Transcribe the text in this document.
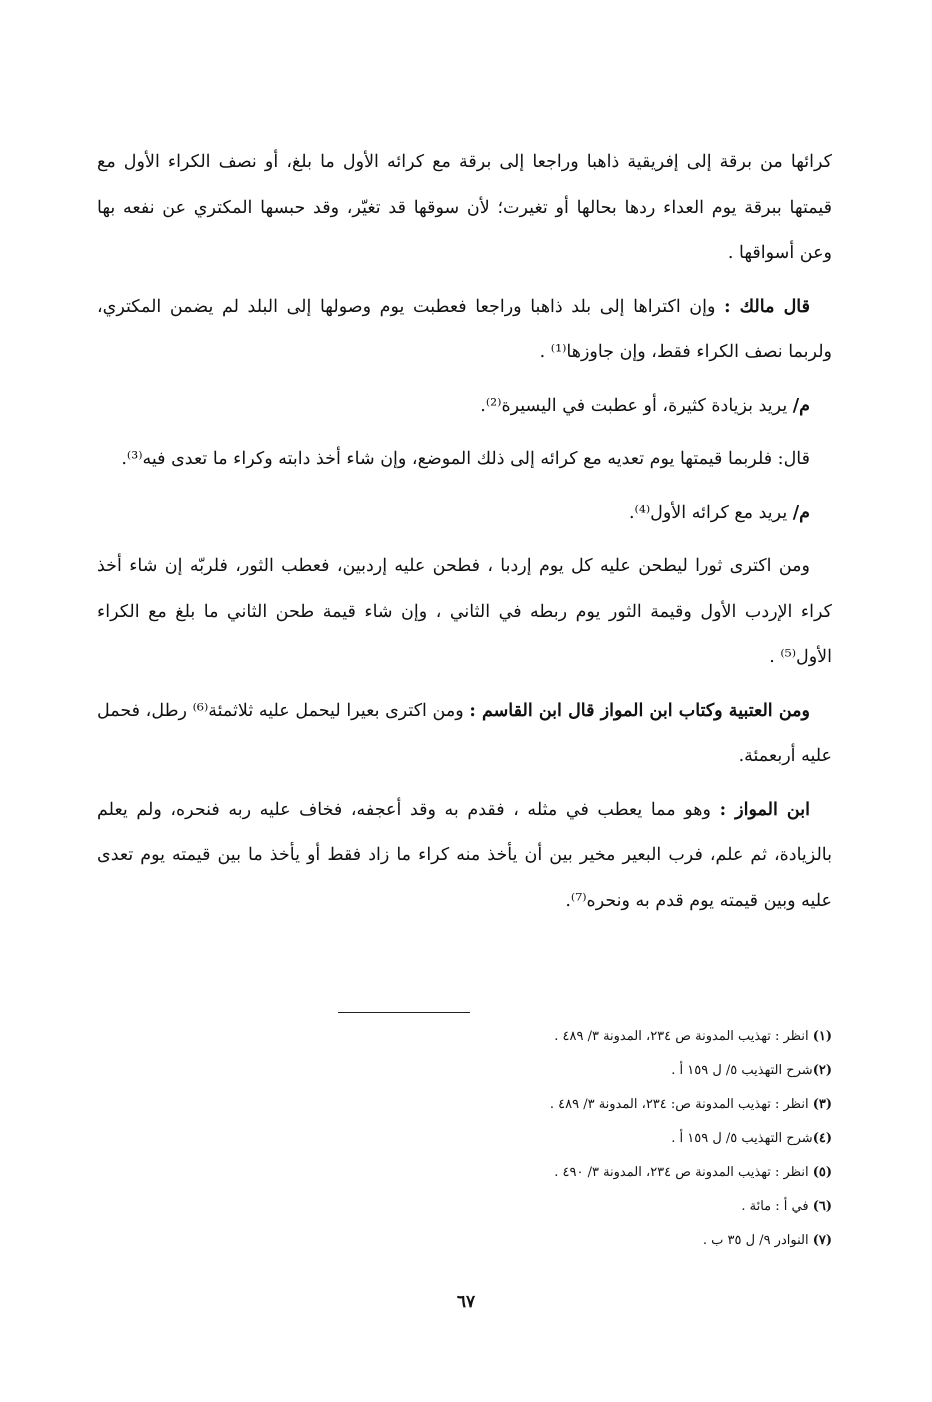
كرائها من برقة إلى إفريقية ذاهبا وراجعا إلى برقة مع كرائه الأول ما بلغ، أو نصف الكراء الأول مع قيمتها ببرقة يوم العداء ردها بحالها أو تغيرت؛ لأن سوقها قد تغيّر، وقد حبسها المكتري عن نفعه بها وعن أسواقها .

قال مالك : وإن اكتراها إلى بلد ذاهبا وراجعا فعطبت يوم وصولها إلى البلد لم يضمن المكتري، ولربما نصف الكراء فقط، وإن جاوزها⁽¹⁾ .

م/ يريد بزيادة كثيرة، أو عطبت في اليسيرة⁽²⁾.

قال: فلربما قيمتها يوم تعديه مع كرائه إلى ذلك الموضع، وإن شاء أخذ دابته وكراء ما تعدى فيه⁽³⁾.

م/ يريد مع كرائه الأول⁽⁴⁾.

ومن اكترى ثورا ليطحن عليه كل يوم إردبا ، فطحن عليه إردبين، فعطب الثور، فلربّه إن شاء أخذ كراء الإردب الأول وقيمة الثور يوم ربطه في الثاني ، وإن شاء قيمة طحن الثاني ما بلغ مع الكراء الأول⁽⁵⁾ .

ومن العتبية وكتاب ابن المواز قال ابن القاسم : ومن اكترى بعيرا ليحمل عليه ثلاثمئة⁽⁶⁾ رطل، فحمل عليه أربعمئة.

ابن المواز : وهو مما يعطب في مثله ، فقدم به وقد أعجفه، فخاف عليه ربه فنحره، ولم يعلم بالزيادة، ثم علم، فرب البعير مخير بين أن يأخذ منه كراء ما زاد فقط أو يأخذ ما بين قيمته يوم تعدى عليه وبين قيمته يوم قدم به ونحره⁽⁷⁾.

(١) انظر : تهذيب المدونة ص ٢٣٤، المدونة ٣/ ٤٨٩ .

(٢)شرح التهذيب ٥/ ل ١٥٩ أ .

(٣) انظر : تهذيب المدونة ص: ٢٣٤، المدونة ٣/ ٤٨٩ .

(٤)شرح التهذيب ٥/ ل ١٥٩ أ .

(٥) انظر : تهذيب المدونة ص ٢٣٤، المدونة ٣/ ٤٩٠ .

(٦) في أ : مائة .

(٧) النوادر ٩/ ل ٣٥ ب .

٦٧
